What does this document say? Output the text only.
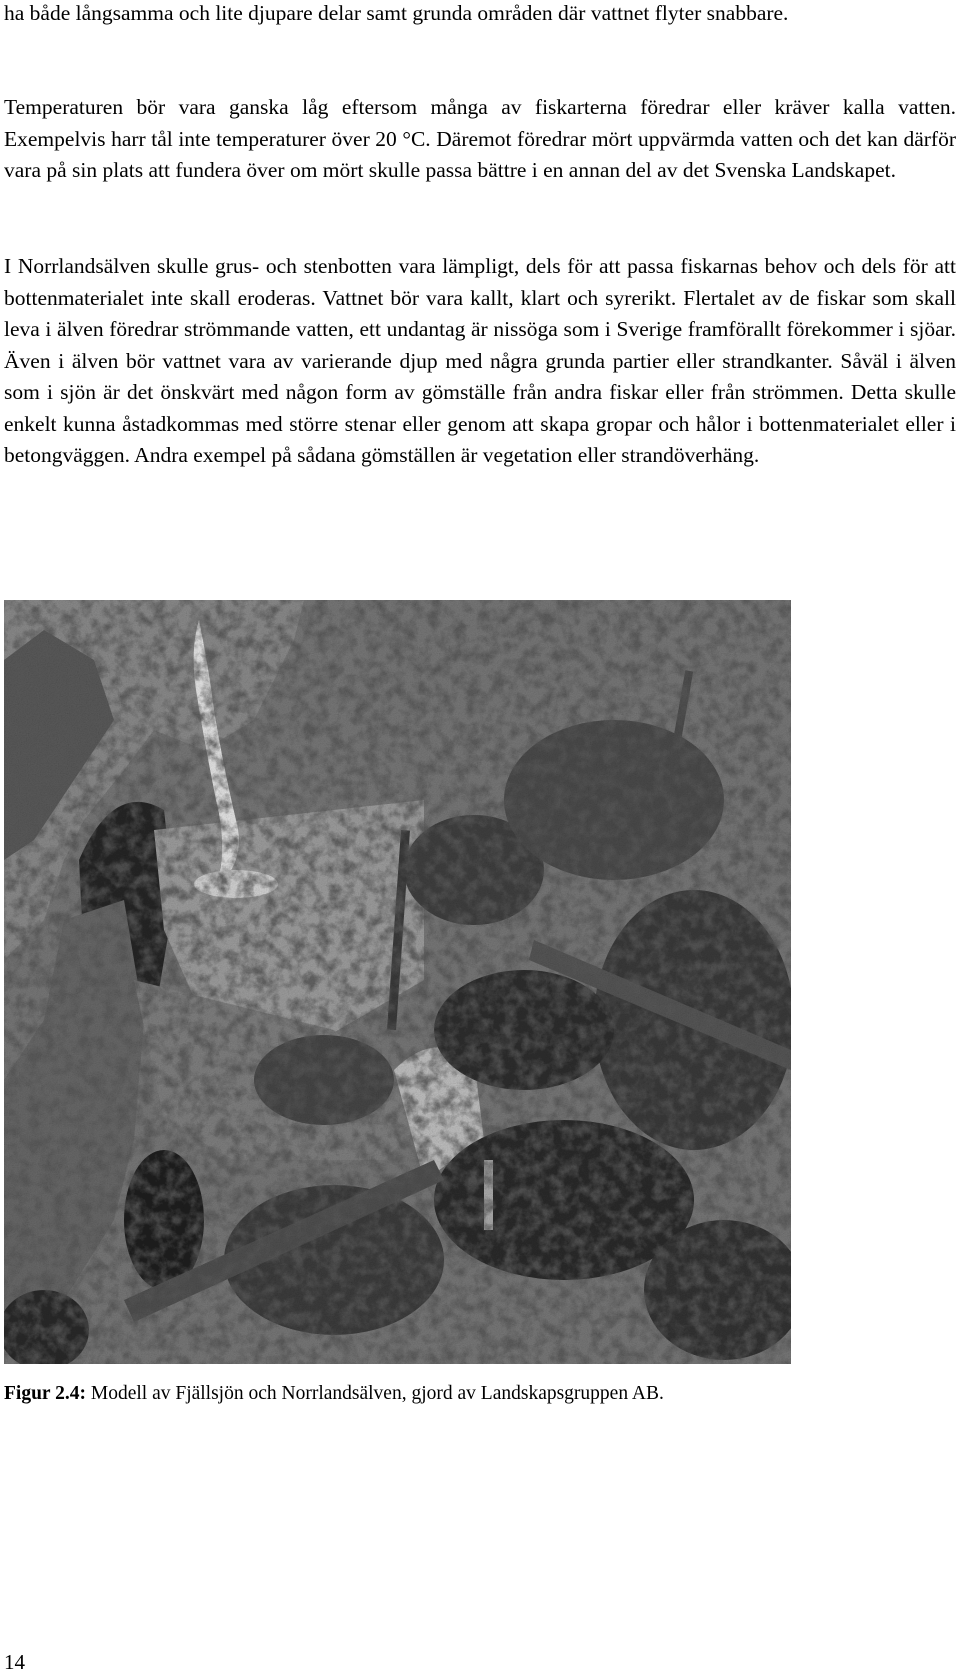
ha både långsamma och lite djupare delar samt grunda områden där vattnet flyter snabbare.

Temperaturen bör vara ganska låg eftersom många av fiskarterna föredrar eller kräver kalla vatten. Exempelvis harr tål inte temperaturer över 20 °C. Däremot föredrar mört uppvärmda vatten och det kan därför vara på sin plats att fundera över om mört skulle passa bättre i en annan del av det Svenska Landskapet.

I Norrlandsälven skulle grus- och stenbotten vara lämpligt, dels för att passa fiskarnas behov och dels för att bottenmaterialet inte skall eroderas. Vattnet bör vara kallt, klart och syrerikt. Flertalet av de fiskar som skall leva i älven föredrar strömmande vatten, ett undantag är nissöga som i Sverige framförallt förekommer i sjöar. Även i älven bör vattnet vara av varierande djup med några grunda partier eller strandkanter. Såväl i älven som i sjön är det önskvärt med någon form av gömställe från andra fiskar eller från strömmen. Detta skulle enkelt kunna åstadkommas med större stenar eller genom att skapa gropar och hålor i bottenmaterialet eller i betongväggen. Andra exempel på sådana gömställen är vegetation eller strandöverhäng.

Figur 2.4: Modell av Fjällsjön och Norrlandsälven, gjord av Landskapsgruppen AB.

14
